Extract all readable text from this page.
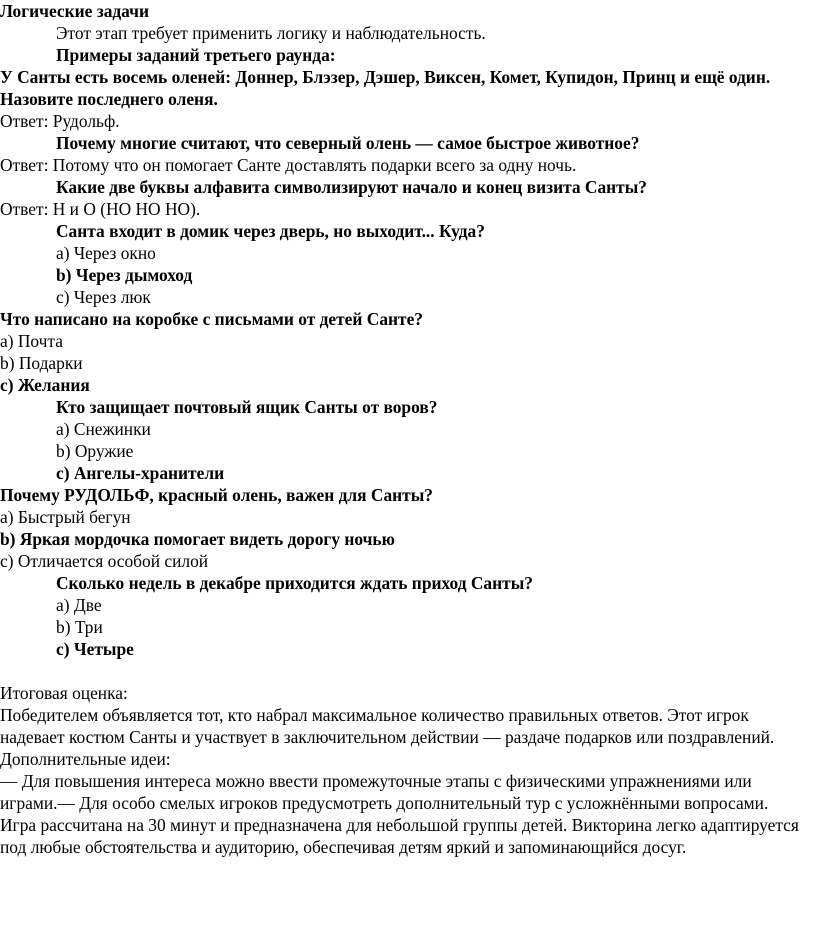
Логические задачи

Этот этап требует применить логику и наблюдательность.

Примеры заданий третьего раунда:

У Санты есть восемь оленей: Доннер, Блэзер, Дэшер, Виксен, Комет, Купидон, Принц и ещё один. Назовите последнего оленя.

Ответ: Рудольф.

Почему многие считают, что северный олень — самое быстрое животное?

Ответ: Потому что он помогает Санте доставлять подарки всего за одну ночь.

Какие две буквы алфавита символизируют начало и конец визита Санты?

Ответ: Н и О (НО НО НО).

Санта входит в домик через дверь, но выходит... Куда?

а) Через окно

b) Через дымоход

c) Через люк

Что написано на коробке с письмами от детей Санте?

а) Почта

b) Подарки

c) Желания

Кто защищает почтовый ящик Санты от воров?

а) Снежинки

b) Оружие

c) Ангелы-хранители

Почему РУДОЛЬФ, красный олень, важен для Санты?

а) Быстрый бегун

b) Яркая мордочка помогает видеть дорогу ночью

c) Отличается особой силой

Сколько недель в декабре приходится ждать приход Санты?

а) Две

b) Три

c) Четыре

Итоговая оценка:

Победителем объявляется тот, кто набрал максимальное количество правильных ответов. Этот игрок надевает костюм Санты и участвует в заключительном действии — раздаче подарков или поздравлений.

Дополнительные идеи:

— Для повышения интереса можно ввести промежуточные этапы с физическими упражнениями или играми.— Для особо смелых игроков предусмотреть дополнительный тур с усложнёнными вопросами.

Игра рассчитана на 30 минут и предназначена для небольшой группы детей. Викторина легко адаптируется под любые обстоятельства и аудиторию, обеспечивая детям яркий и запоминающийся досуг.
